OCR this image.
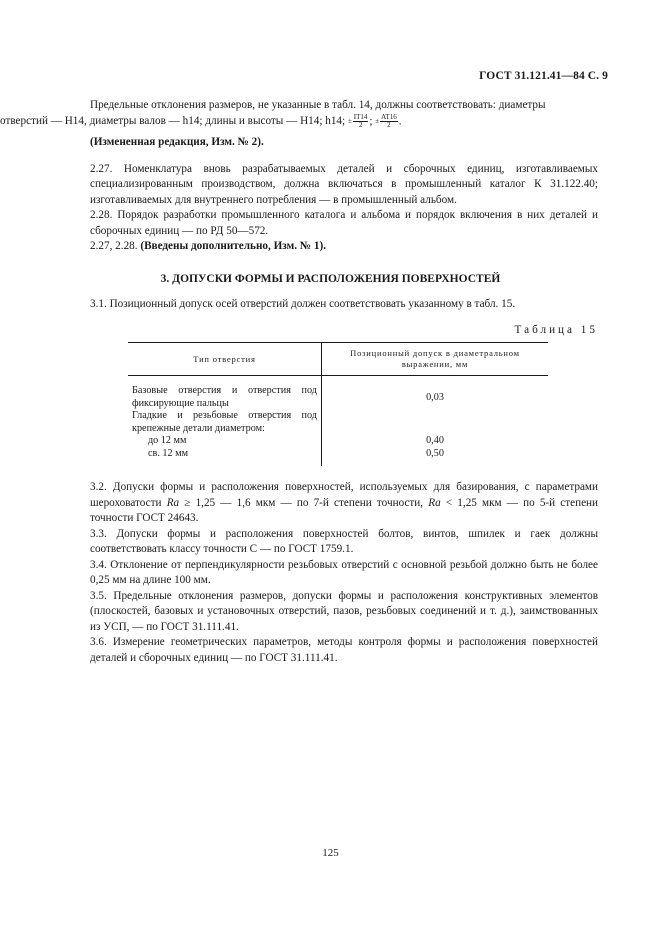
ГОСТ 31.121.41—84 С. 9

Предельные отклонения размеров, не указанные в табл. 14, должны соответствовать: диаметры
отверстий — H14, диаметры валов — h14; длины и высоты — H14; h14; ± $\frac{IT14}{2}$ ; ± $\frac{AT16}{2}$ .

(Измененная редакция, Изм. № 2).

2.27. Номенклатура вновь разрабатываемых деталей и сборочных единиц, изготавливаемых специализированным производством, должна включаться в промышленный каталог К 31.122.40; изготавливаемых для внутреннего потребления — в промышленный альбом.

2.28. Порядок разработки промышленного каталога и альбома и порядок включения в них деталей и сборочных единиц — по РД 50—572.

2.27, 2.28. (Введены дополнительно, Изм. № 1).

3. ДОПУСКИ ФОРМЫ И РАСПОЛОЖЕНИЯ ПОВЕРХНОСТЕЙ

3.1. Позиционный допуск осей отверстий должен соответствовать указанному в табл. 15.

Таблица 15
Тип отверстия	Позиционный допуск в диаметральном выражении, мм

Базовые отверстия и отверстия под фиксирующие пальцы	0,03
Гладкие и резьбовые отверстия под крепежные детали диаметром:	
до 12 мм	0,40
св. 12 мм	0,50

3.2. Допуски формы и расположения поверхностей, используемых для базирования, с параметрами шероховатости Ra ≥ 1,25 — 1,6 мкм — по 7-й степени точности, Ra < 1,25 мкм — по 5-й степени точности ГОСТ 24643.

3.3. Допуски формы и расположения поверхностей болтов, винтов, шпилек и гаек должны соответствовать классу точности С — по ГОСТ 1759.1.

3.4. Отклонение от перпендикулярности резьбовых отверстий с основной резьбой должно быть не более 0,25 мм на длине 100 мм.

3.5. Предельные отклонения размеров, допуски формы и расположения конструктивных элементов (плоскостей, базовых и установочных отверстий, пазов, резьбовых соединений и т. д.), заимствованных из УСП, — по ГОСТ 31.111.41.

3.6. Измерение геометрических параметров, методы контроля формы и расположения поверхностей деталей и сборочных единиц — по ГОСТ 31.111.41.

125
